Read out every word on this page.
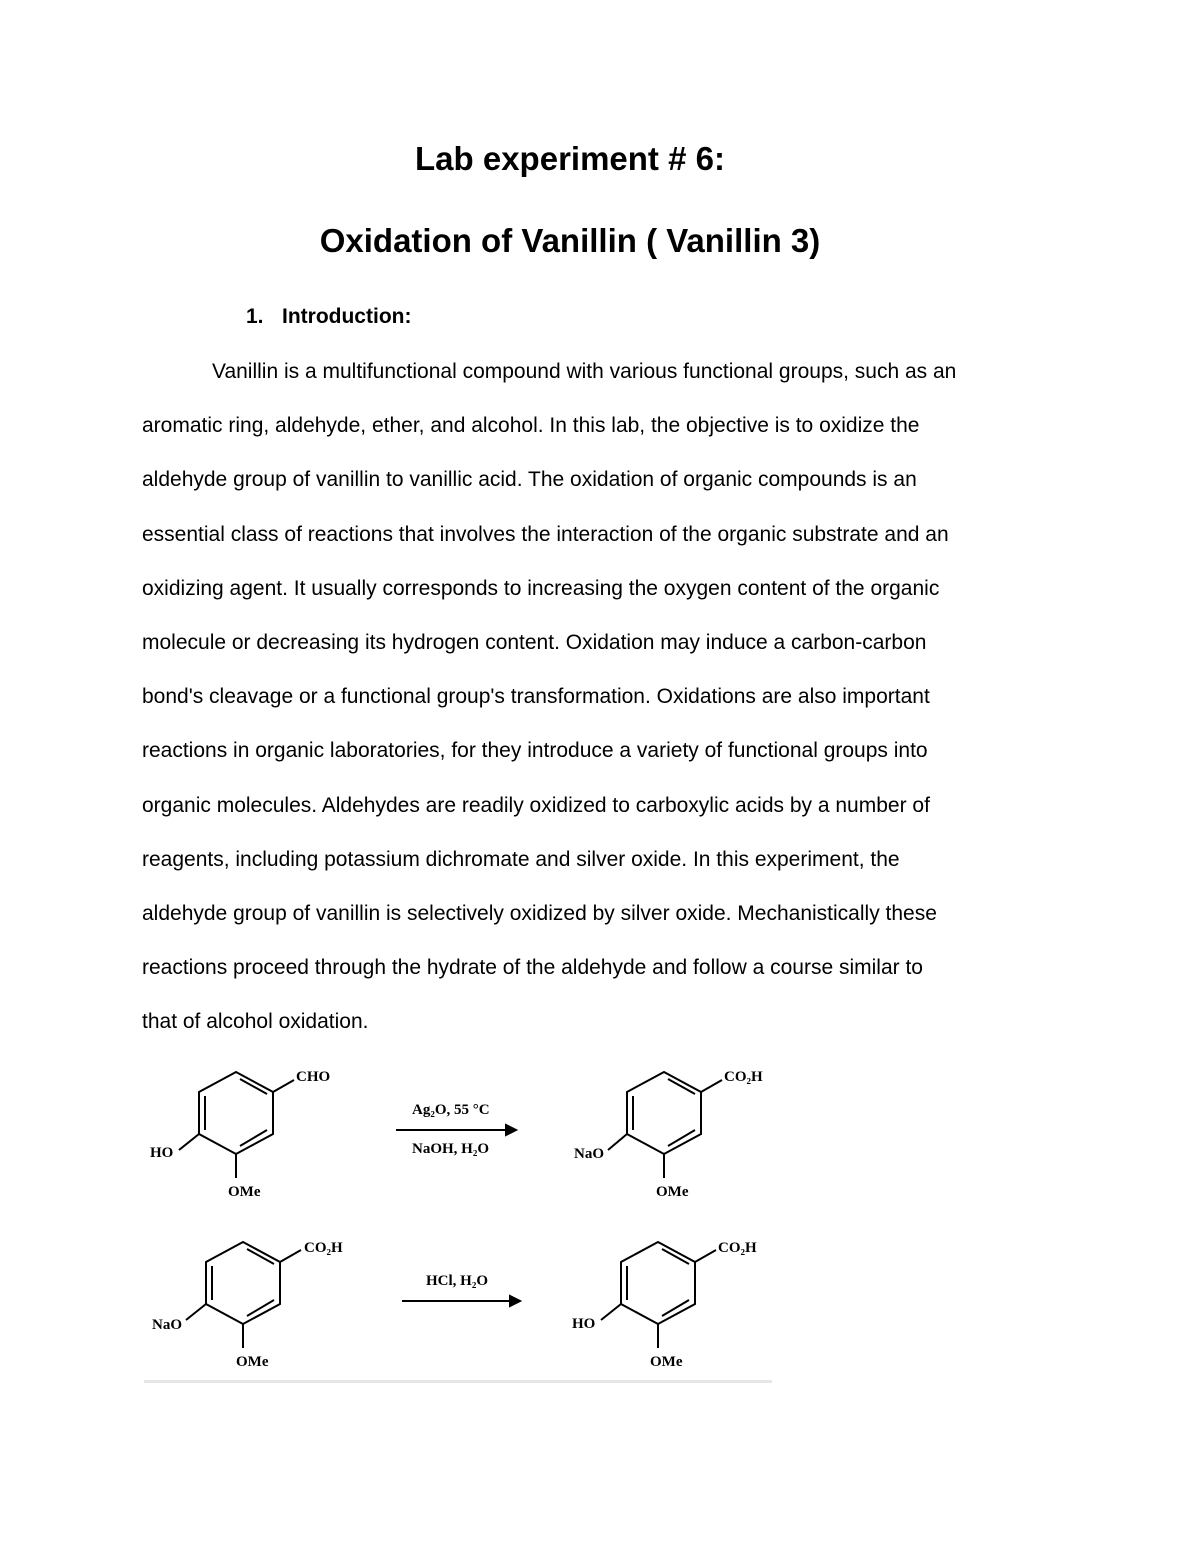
Lab experiment # 6:
Oxidation of Vanillin ( Vanillin 3)

1. Introduction:

Vanillin is a multifunctional compound with various functional groups, such as an
aromatic ring, aldehyde, ether, and alcohol. In this lab, the objective is to oxidize the
aldehyde group of vanillin to vanillic acid. The oxidation of organic compounds is an
essential class of reactions that involves the interaction of the organic substrate and an
oxidizing agent. It usually corresponds to increasing the oxygen content of the organic
molecule or decreasing its hydrogen content. Oxidation may induce a carbon-carbon
bond's cleavage or a functional group's transformation. Oxidations are also important
reactions in organic laboratories, for they introduce a variety of functional groups into
organic molecules. Aldehydes are readily oxidized to carboxylic acids by a number of
reagents, including potassium dichromate and silver oxide. In this experiment, the
aldehyde group of vanillin is selectively oxidized by silver oxide. Mechanistically these
reactions proceed through the hydrate of the aldehyde and follow a course similar to
that of alcohol oxidation.
CHO
HO
OMe
Ag₂O, 55 °C
NaOH, H₂O
CO₂H
NaO
OMe
CO₂H
NaO
OMe
HCl, H₂O
CO₂H
HO
OMe
